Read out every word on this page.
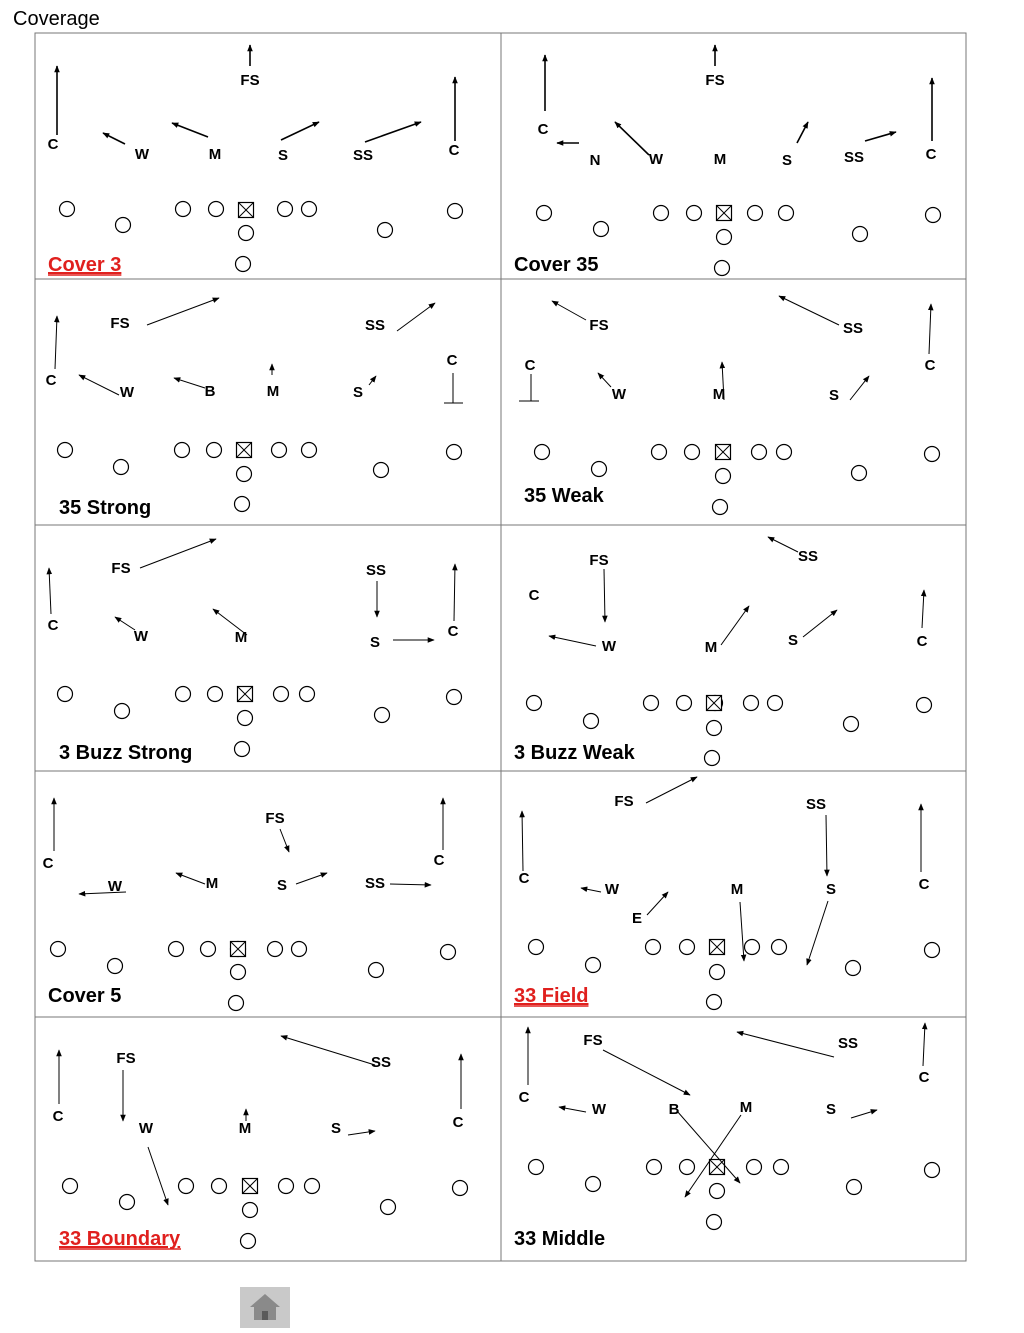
Coverage
FS
C
W	M	S	SS	C
Cover 3
FS
C
N	W	M	S	SS	C
Cover 35
FS	SS
C
C
W	B	M	S
35 Strong
FS	SS
C	C
W	M	S
35 Weak
FS	SS
C
W	M	S
C
3 Buzz Strong
SS
FS
C
W	M	S	C
3 Buzz Weak
FS
C
W	M	S	SS
C
Cover 5
FS	SS
C
W	M	S	C
E
33 Field
FS	SS
C
W	M	S	C
33 Boundary
FS	SS
M
C
W	B	S
C
33 Middle
